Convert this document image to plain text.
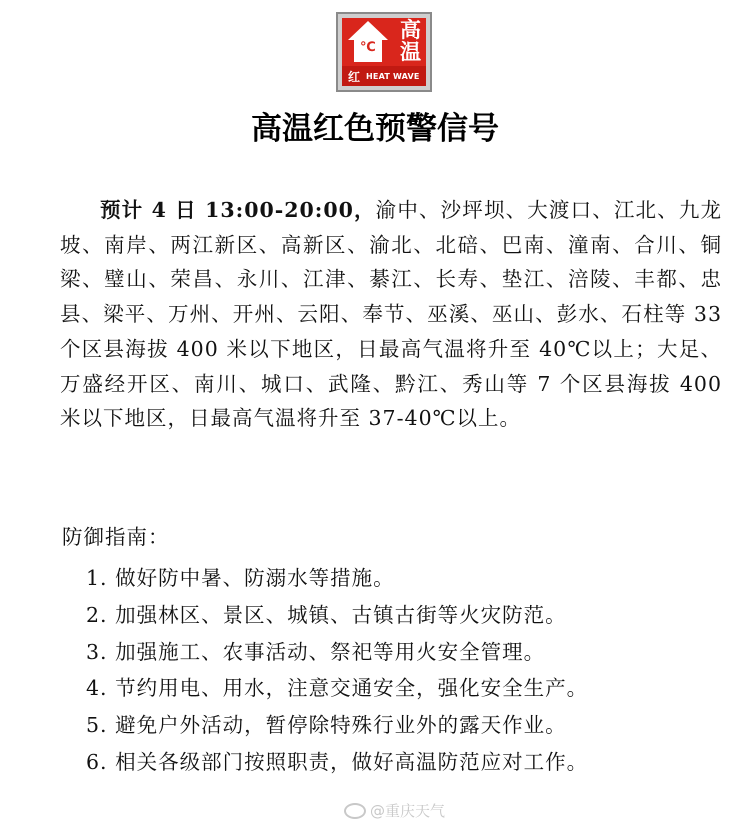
℃
高
温
红 HEAT WAVE
高温红色预警信号
预计 4 日 13:00-20:00，渝中、沙坪坝、大渡口、江北、九龙坡、南岸、两江新区、高新区、渝北、北碚、巴南、潼南、合川、铜梁、璧山、荣昌、永川、江津、綦江、长寿、垫江、涪陵、丰都、忠县、梁平、万州、开州、云阳、奉节、巫溪、巫山、彭水、石柱等 33 个区县海拔 400 米以下地区，日最高气温将升至 40℃以上；大足、万盛经开区、南川、城口、武隆、黔江、秀山等 7 个区县海拔 400 米以下地区，日最高气温将升至 37-40℃以上。
防御指南：
1. 做好防中暑、防溺水等措施。
2. 加强林区、景区、城镇、古镇古街等火灾防范。
3. 加强施工、农事活动、祭祀等用火安全管理。
4. 节约用电、用水，注意交通安全，强化安全生产。
5. 避免户外活动，暂停除特殊行业外的露天作业。
6. 相关各级部门按照职责，做好高温防范应对工作。
@重庆天气
